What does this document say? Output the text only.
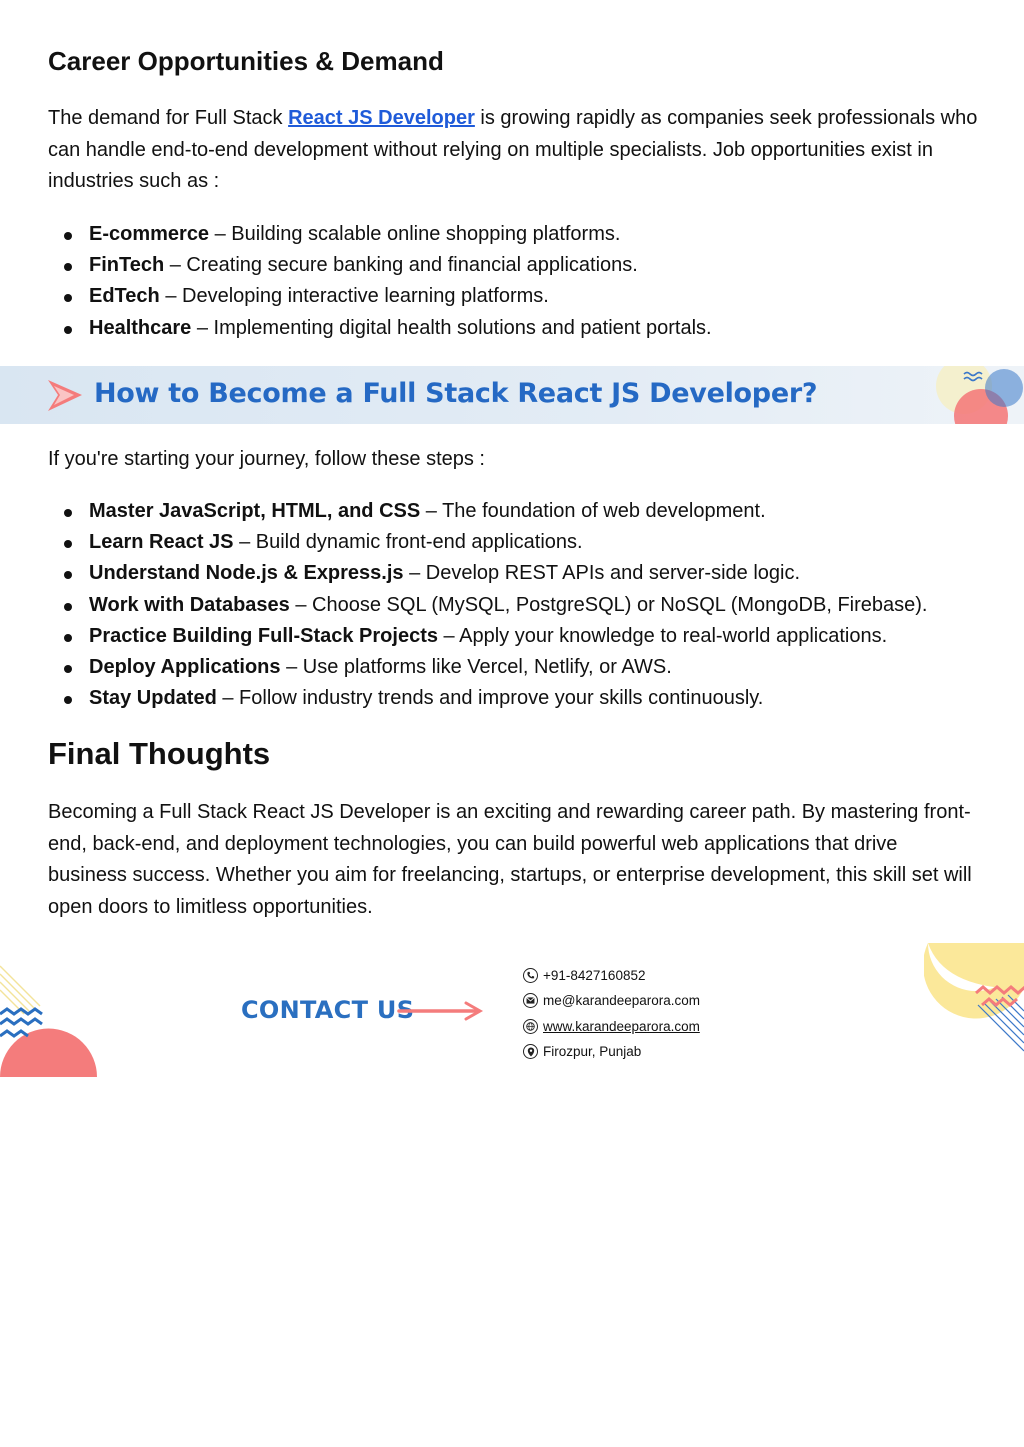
Career Opportunities & Demand

The demand for Full Stack React JS Developer is growing rapidly as companies seek professionals who can handle end-to-end development without relying on multiple specialists. Job opportunities exist in industries such as :

E-commerce – Building scalable online shopping platforms.
FinTech – Creating secure banking and financial applications.
EdTech – Developing interactive learning platforms.
Healthcare – Implementing digital health solutions and patient portals.
How to Become a Full Stack React JS Developer?

If you're starting your journey, follow these steps :

Master JavaScript, HTML, and CSS – The foundation of web development.
Learn React JS – Build dynamic front-end applications.
Understand Node.js & Express.js – Develop REST APIs and server-side logic.
Work with Databases – Choose SQL (MySQL, PostgreSQL) or NoSQL (MongoDB, Firebase).
Practice Building Full-Stack Projects – Apply your knowledge to real-world applications.
Deploy Applications – Use platforms like Vercel, Netlify, or AWS.
Stay Updated – Follow industry trends and improve your skills continuously.
Final Thoughts

Becoming a Full Stack React JS Developer is an exciting and rewarding career path. By mastering front-end, back-end, and deployment technologies, you can build powerful web applications that drive business success. Whether you aim for freelancing, startups, or enterprise development, this skill set will open doors to limitless opportunities.

CONTACT US
+91-8427160852
me@karandeeparora.com
www.karandeeparora.com
Firozpur, Punjab
